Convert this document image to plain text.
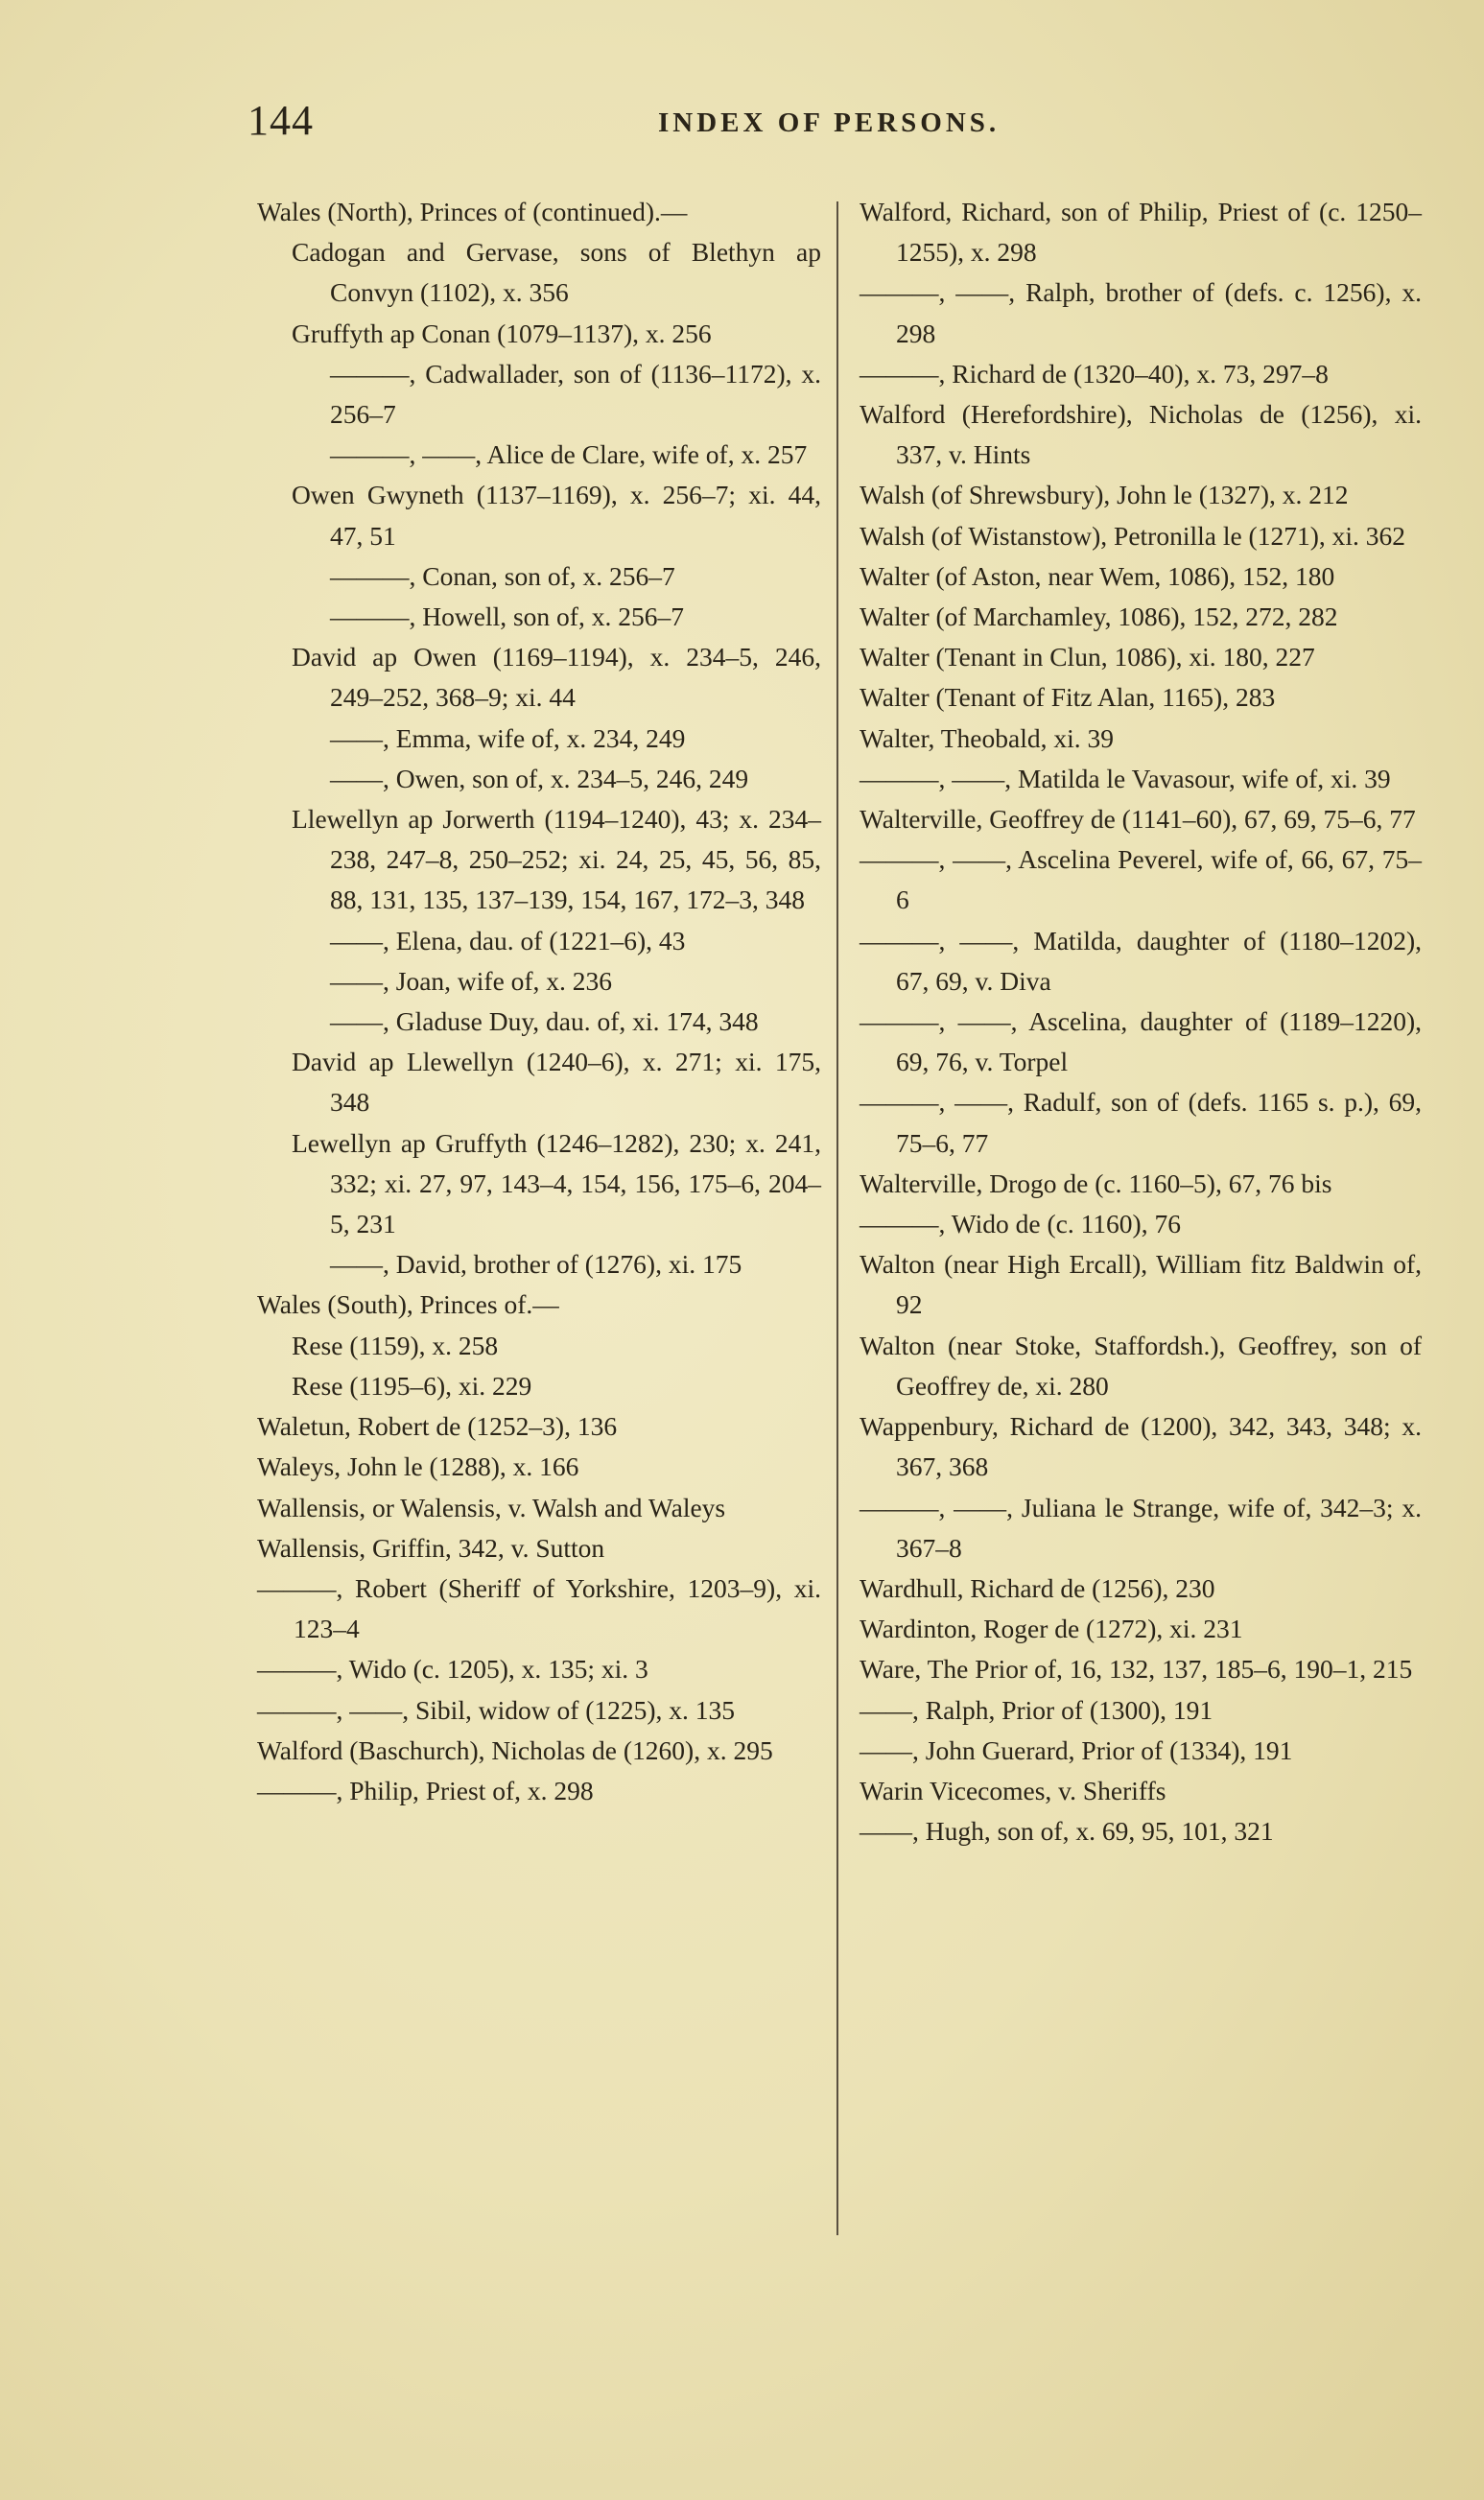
144	INDEX OF PERSONS.

Wales (North), Princes of (continued).—

Cadogan and Gervase, sons of Blethyn ap Convyn (1102), x. 356

Gruffyth ap Conan (1079–1137), x. 256

———, Cadwallader, son of (1136–1172), x. 256–7

———, ——, Alice de Clare, wife of, x. 257

Owen Gwyneth (1137–1169), x. 256–7; xi. 44, 47, 51

———, Conan, son of, x. 256–7

———, Howell, son of, x. 256–7

David ap Owen (1169–1194), x. 234–5, 246, 249–252, 368–9; xi. 44

——, Emma, wife of, x. 234, 249

——, Owen, son of, x. 234–5, 246, 249

Llewellyn ap Jorwerth (1194–1240), 43; x. 234–238, 247–8, 250–252; xi. 24, 25, 45, 56, 85, 88, 131, 135, 137–139, 154, 167, 172–3, 348

——, Elena, dau. of (1221–6), 43

——, Joan, wife of, x. 236

——, Gladuse Duy, dau. of, xi. 174, 348

David ap Llewellyn (1240–6), x. 271; xi. 175, 348

Lewellyn ap Gruffyth (1246–1282), 230; x. 241, 332; xi. 27, 97, 143–4, 154, 156, 175–6, 204–5, 231

——, David, brother of (1276), xi. 175

Wales (South), Princes of.—

Rese (1159), x. 258

Rese (1195–6), xi. 229

Waletun, Robert de (1252–3), 136

Waleys, John le (1288), x. 166

Wallensis, or Walensis, v. Walsh and Waleys

Wallensis, Griffin, 342, v. Sutton

———, Robert (Sheriff of Yorkshire, 1203–9), xi. 123–4

———, Wido (c. 1205), x. 135; xi. 3

———, ——, Sibil, widow of (1225), x. 135

Walford (Baschurch), Nicholas de (1260), x. 295

———, Philip, Priest of, x. 298

Walford, Richard, son of Philip, Priest of (c. 1250–1255), x. 298

———, ——, Ralph, brother of (defs. c. 1256), x. 298

———, Richard de (1320–40), x. 73, 297–8

Walford (Herefordshire), Nicholas de (1256), xi. 337, v. Hints

Walsh (of Shrewsbury), John le (1327), x. 212

Walsh (of Wistanstow), Petronilla le (1271), xi. 362

Walter (of Aston, near Wem, 1086), 152, 180

Walter (of Marchamley, 1086), 152, 272, 282

Walter (Tenant in Clun, 1086), xi. 180, 227

Walter (Tenant of Fitz Alan, 1165), 283

Walter, Theobald, xi. 39

———, ——, Matilda le Vavasour, wife of, xi. 39

Walterville, Geoffrey de (1141–60), 67, 69, 75–6, 77

———, ——, Ascelina Peverel, wife of, 66, 67, 75–6

———, ——, Matilda, daughter of (1180–1202), 67, 69, v. Diva

———, ——, Ascelina, daughter of (1189–1220), 69, 76, v. Torpel

———, ——, Radulf, son of (defs. 1165 s. p.), 69, 75–6, 77

Walterville, Drogo de (c. 1160–5), 67, 76 bis

———, Wido de (c. 1160), 76

Walton (near High Ercall), William fitz Baldwin of, 92

Walton (near Stoke, Staffordsh.), Geoffrey, son of Geoffrey de, xi. 280

Wappenbury, Richard de (1200), 342, 343, 348; x. 367, 368

———, ——, Juliana le Strange, wife of, 342–3; x. 367–8

Wardhull, Richard de (1256), 230

Wardinton, Roger de (1272), xi. 231

Ware, The Prior of, 16, 132, 137, 185–6, 190–1, 215

——, Ralph, Prior of (1300), 191

——, John Guerard, Prior of (1334), 191

Warin Vicecomes, v. Sheriffs

——, Hugh, son of, x. 69, 95, 101, 321
